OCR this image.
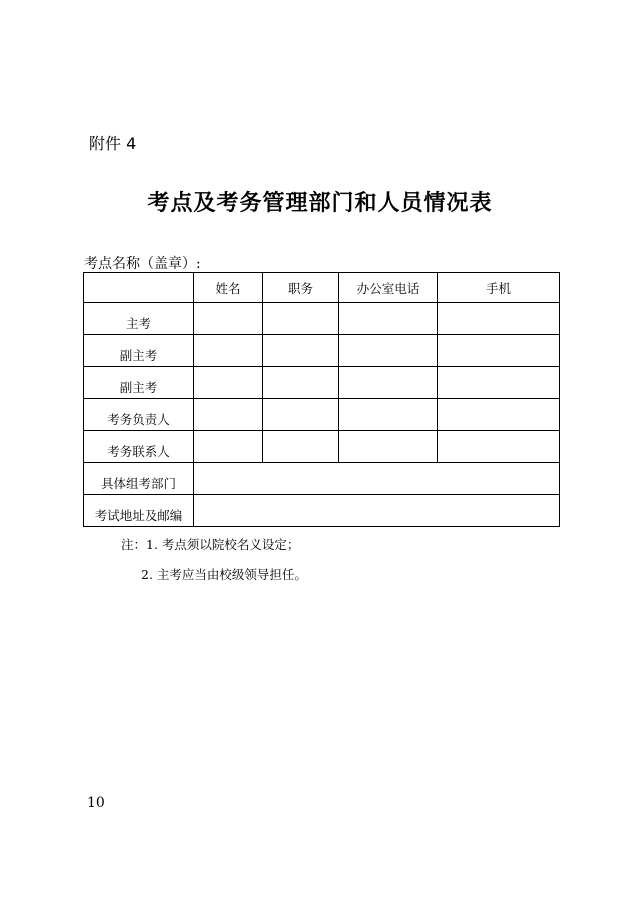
附件 4
考点及考务管理部门和人员情况表
考点名称（盖章）:
	姓名	职务	办公室电话	手机
主考				
副主考				
副主考				
考务负责人				
考务联系人				
具体组考部门				
考试地址及邮编				
注：1. 考点须以院校名义设定；
2. 主考应当由校级领导担任。
10
